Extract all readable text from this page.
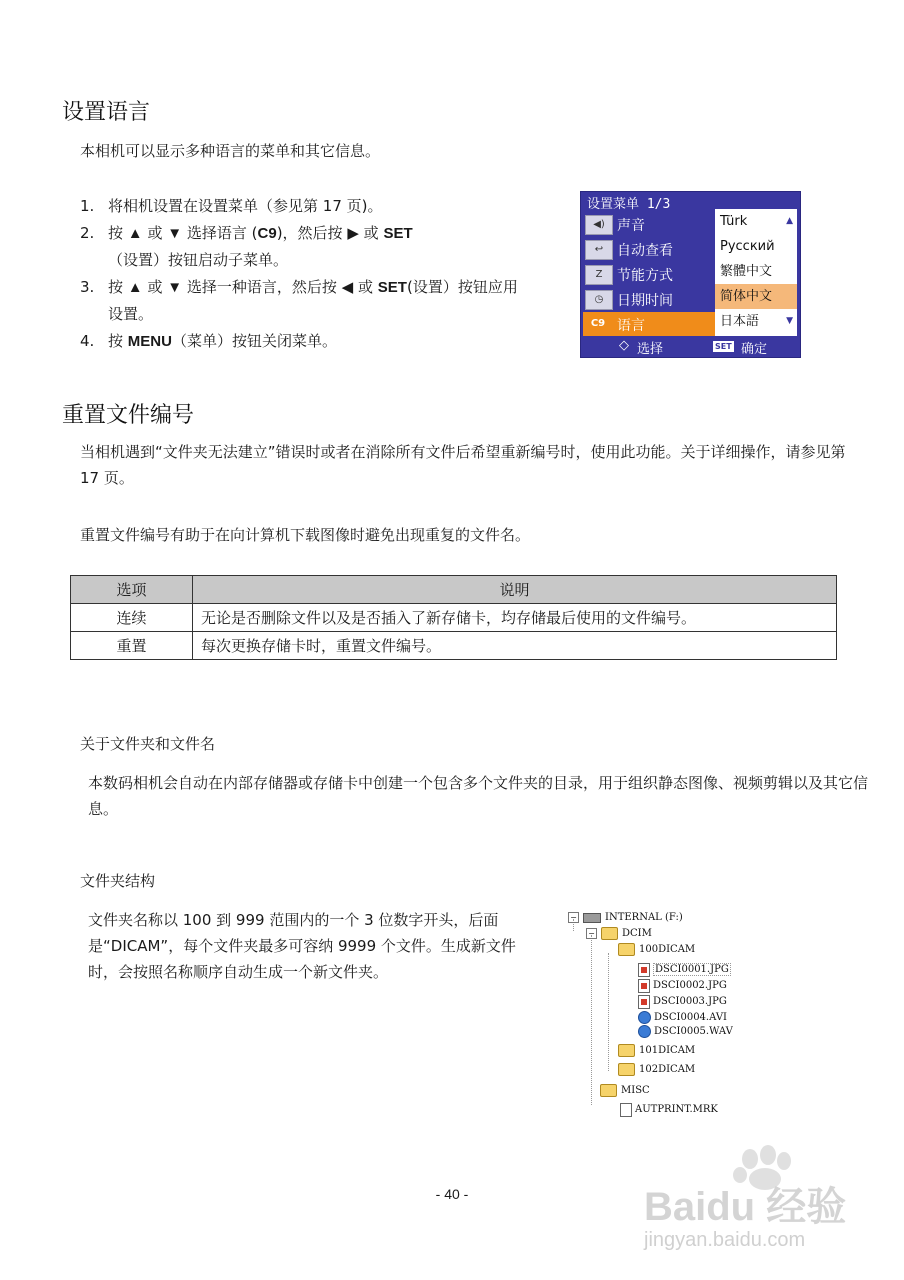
设置语言
本相机可以显示多种语言的菜单和其它信息。
1. 将相机设置在设置菜单（参见第 17 页)。
2. 按 ▲ 或 ▼ 选择语言 (C9)，然后按 ▶ 或 SET
（设置）按钮启动子菜单。
3. 按 ▲ 或 ▼ 选择一种语言，然后按 ◀ 或 SET(设置）按钮应用设置。
4. 按 MENU（菜单）按钮关闭菜单。
设置菜单 1/3
◀) 声音
↩ 自动查看
Z	节能方式
◷ 日期时间
C9 语言
Türk	▲
Русский
繁體中文
简体中文
日本語	▼
◇ 选择	SET 确定
重置文件编号
当相机遇到“文件夹无法建立”错误时或者在消除所有文件后希望重新编号时，使用此功能。关于详细操作，请参见第 17 页。
重置文件编号有助于在向计算机下载图像时避免出现重复的文件名。
选项	说明
连续	无论是否删除文件以及是否插入了新存储卡，均存储最后使用的文件编号。
重置	每次更换存储卡时，重置文件编号。
关于文件夹和文件名
本数码相机会自动在内部存储器或存储卡中创建一个包含多个文件夹的目录，用于组织静态图像、视频剪辑以及其它信息。
文件夹结构
文件夹名称以 100 到 999 范围内的一个 3 位数字开头，后面是“DICAM”，每个文件夹最多可容纳 9999 个文件。生成新文件时，会按照名称顺序自动生成一个新文件夹。
−	INTERNAL (F:)
−	DCIM
100DICAM
DSCI0001.JPG
DSCI0002.JPG
DSCI0003.JPG
DSCI0004.AVI
DSCI0005.WAV
101DICAM
102DICAM
MISC
AUTPRINT.MRK
- 40 -	Baidu 经验
jingyan.baidu.com
